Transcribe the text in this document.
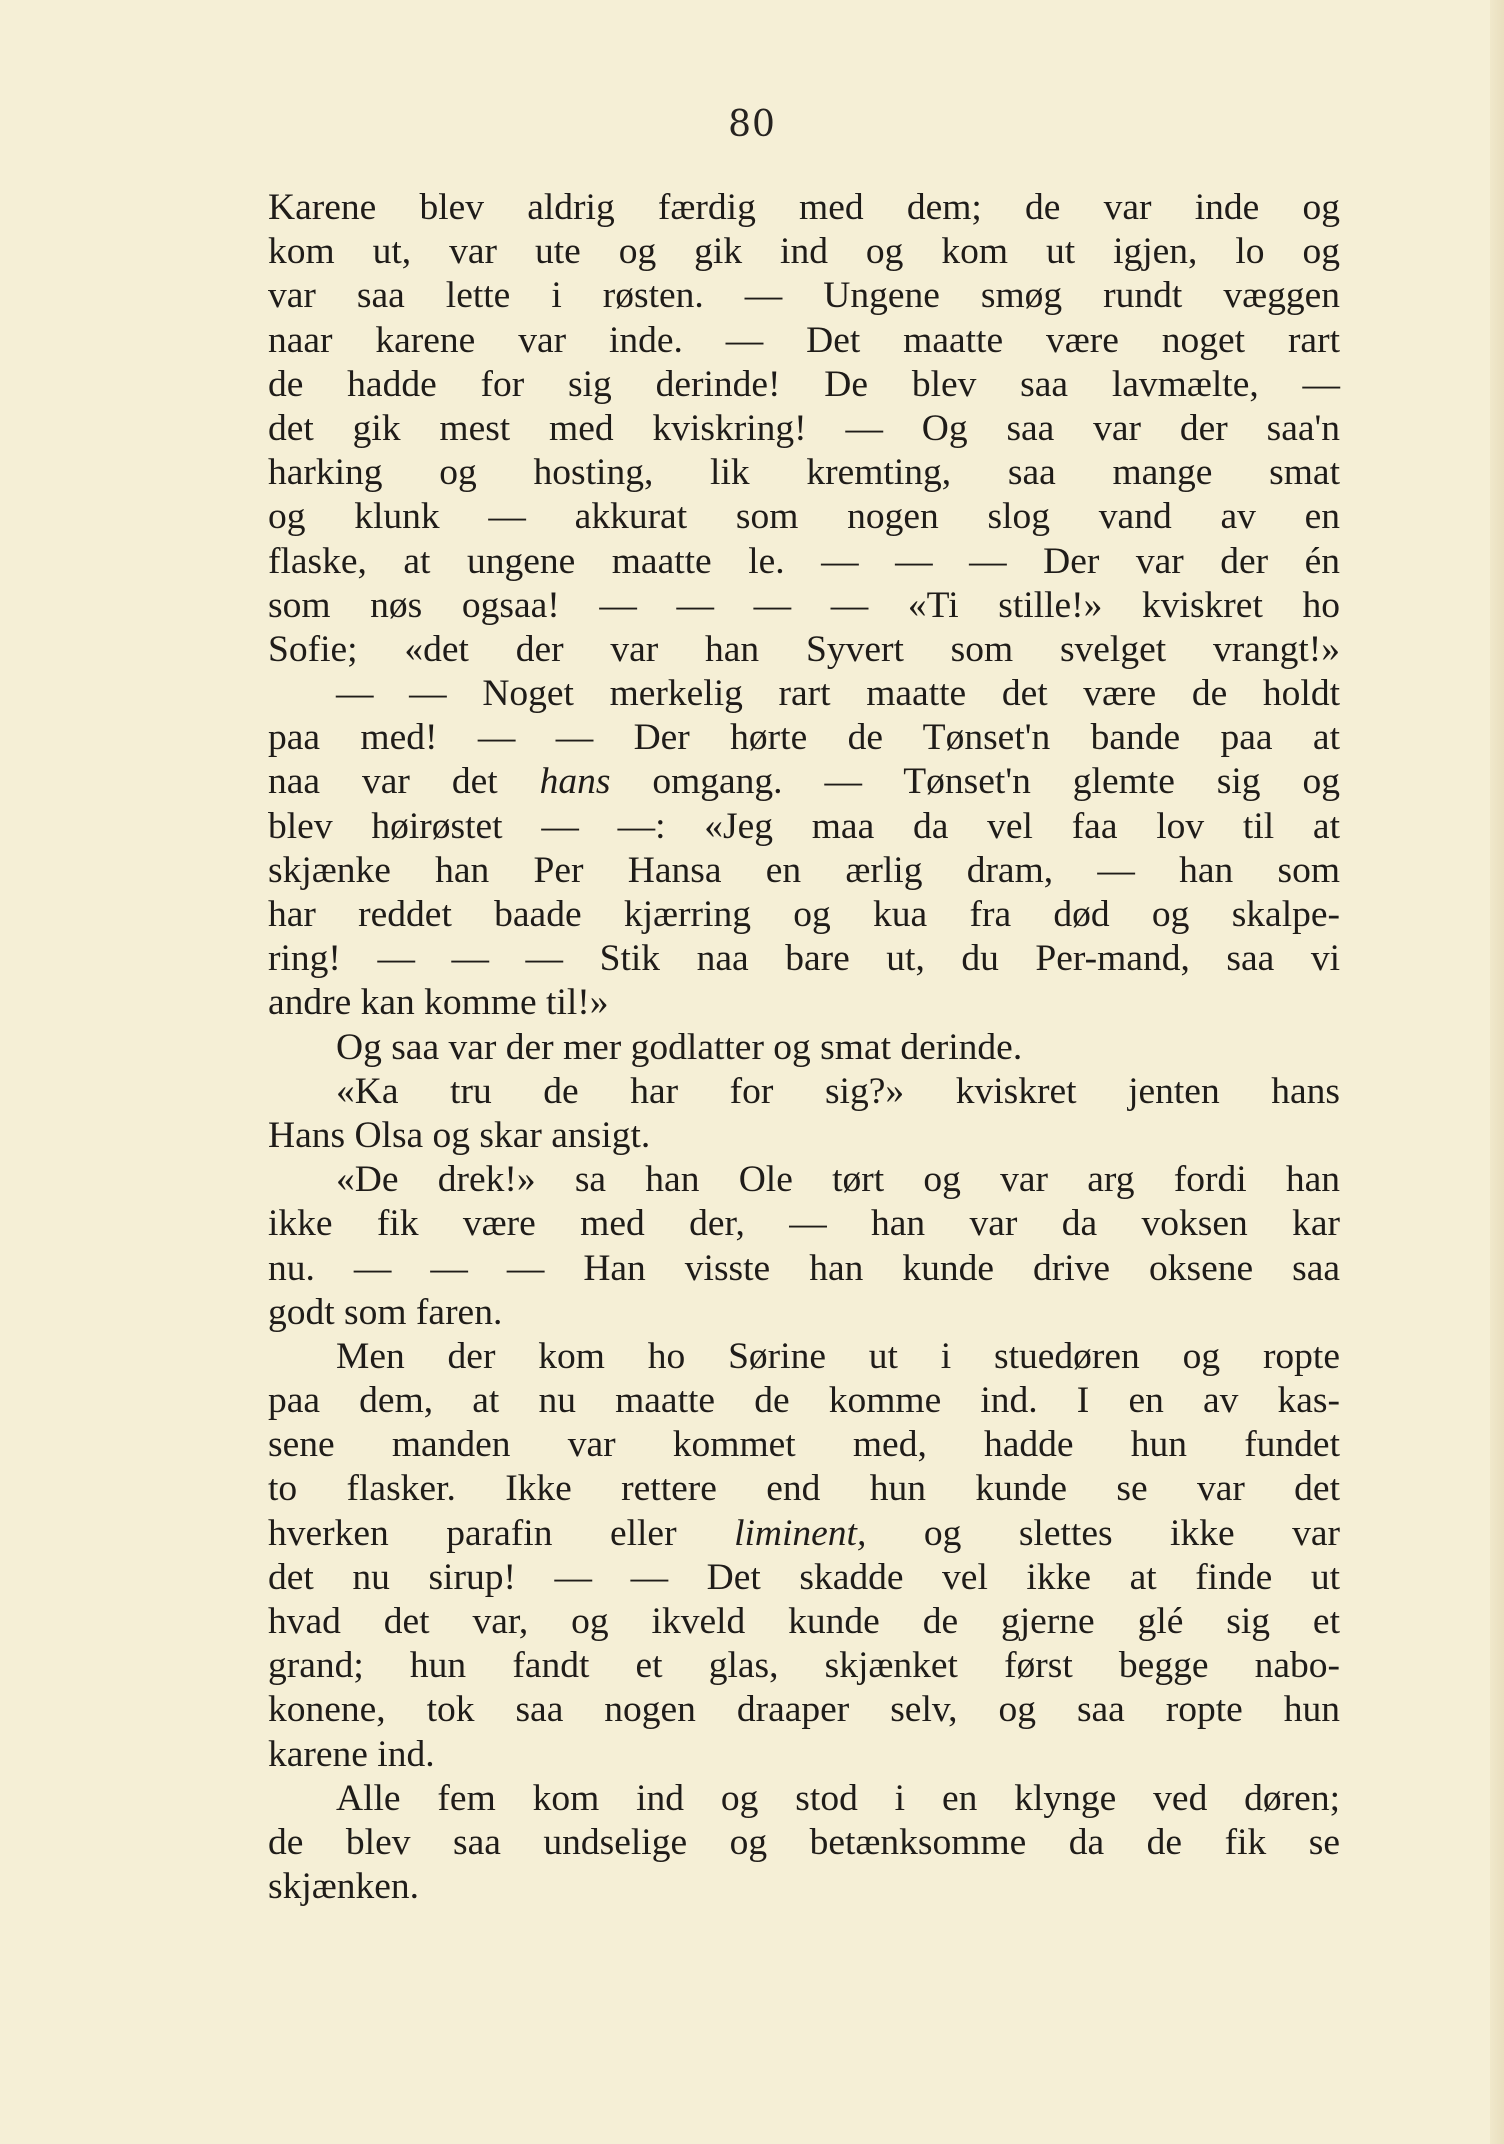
80
Karene blev aldrig færdig med dem; de var inde og
kom ut, var ute og gik ind og kom ut igjen, lo og
var saa lette i røsten. — Ungene smøg rundt væggen
naar karene var inde. — Det maatte være noget rart
de hadde for sig derinde! De blev saa lavmælte, —
det gik mest med kviskring! — Og saa var der saa'n
harking og hosting, lik kremting, saa mange smat
og klunk — akkurat som nogen slog vand av en
flaske, at ungene maatte le. — — — Der var der én
som nøs ogsaa! — — — — «Ti stille!» kviskret ho
Sofie; «det der var han Syvert som svelget vrangt!»
— — Noget merkelig rart maatte det være de holdt
paa med! — — Der hørte de Tønset'n bande paa at
naa var det hans omgang. — Tønset'n glemte sig og
blev høirøstet — —: «Jeg maa da vel faa lov til at
skjænke han Per Hansa en ærlig dram, — han som
har reddet baade kjærring og kua fra død og skalpe-
ring! — — — Stik naa bare ut, du Per-mand, saa vi
andre kan komme til!»
Og saa var der mer godlatter og smat derinde.
«Ka tru de har for sig?» kviskret jenten hans
Hans Olsa og skar ansigt.
«De drek!» sa han Ole tørt og var arg fordi han
ikke fik være med der, — han var da voksen kar
nu. — — — Han visste han kunde drive oksene saa
godt som faren.
Men der kom ho Sørine ut i stuedøren og ropte
paa dem, at nu maatte de komme ind. I en av kas-
sene manden var kommet med, hadde hun fundet
to flasker. Ikke rettere end hun kunde se var det
hverken parafin eller liminent, og slettes ikke var
det nu sirup! — — Det skadde vel ikke at finde ut
hvad det var, og ikveld kunde de gjerne glé sig et
grand; hun fandt et glas, skjænket først begge nabo-
konene, tok saa nogen draaper selv, og saa ropte hun
karene ind.
Alle fem kom ind og stod i en klynge ved døren;
de blev saa undselige og betænksomme da de fik se
skjænken.
